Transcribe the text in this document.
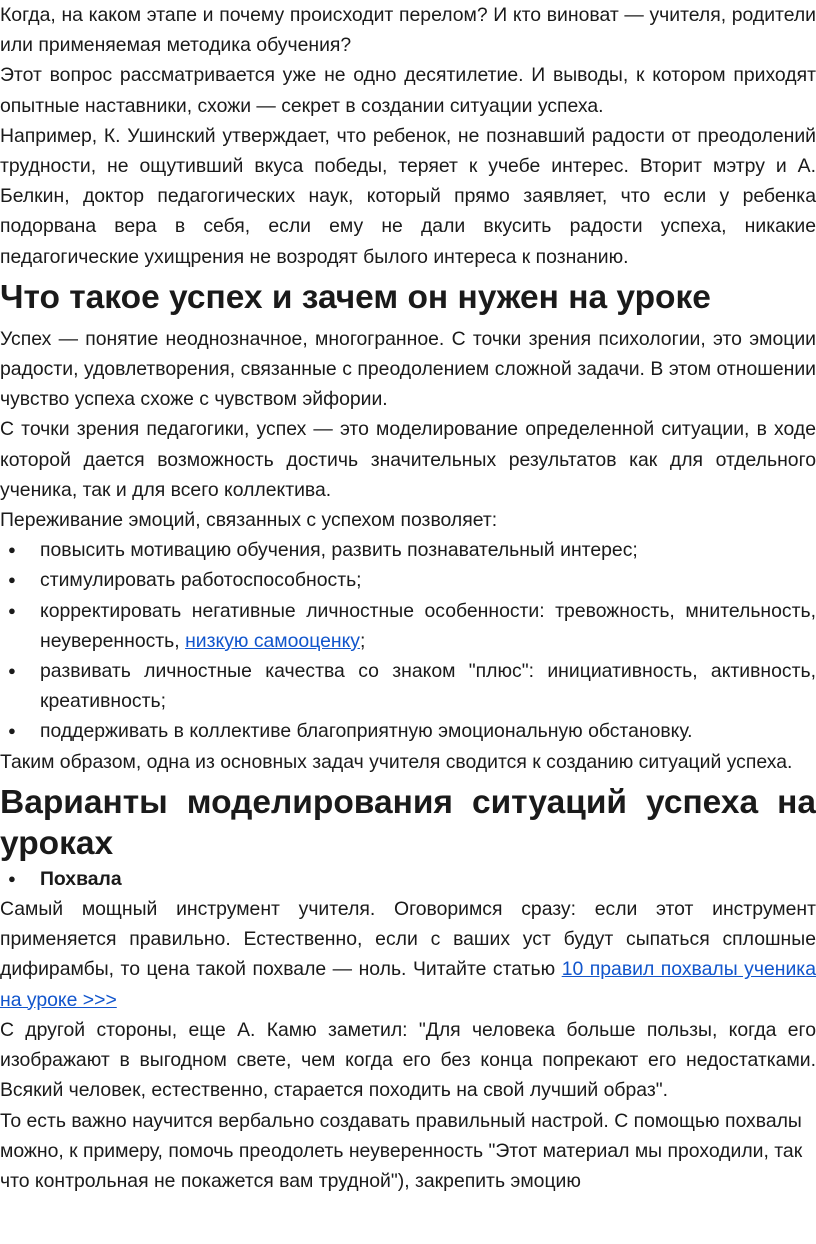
Когда, на каком этапе и почему происходит перелом? И кто виноват — учителя, родители или применяемая методика обучения?

Этот вопрос рассматривается уже не одно десятилетие. И выводы, к котором приходят опытные наставники, схожи — секрет в создании ситуации успеха.

Например, К. Ушинский утверждает, что ребенок, не познавший радости от преодолений трудности, не ощутивший вкуса победы, теряет к учебе интерес. Вторит мэтру и А. Белкин, доктор педагогических наук, который прямо заявляет, что если у ребенка подорвана вера в себя, если ему не дали вкусить радости успеха, никакие педагогические ухищрения не возродят былого интереса к познанию.

Что такое успех и зачем он нужен на уроке

Успех — понятие неоднозначное, многогранное. С точки зрения психологии, это эмоции радости, удовлетворения, связанные с преодолением сложной задачи. В этом отношении чувство успеха схоже с чувством эйфории.

С точки зрения педагогики, успех — это моделирование определенной ситуации, в ходе которой дается возможность достичь значительных результатов как для отдельного ученика, так и для всего коллектива.

Переживание эмоций, связанных с успехом позволяет:

● повысить мотивацию обучения, развить познавательный интерес;
● стимулировать работоспособность;
● корректировать негативные личностные особенности: тревожность, мнительность, неуверенность, низкую самооценку;
● развивать личностные качества со знаком "плюс": инициативность, активность, креативность;
● поддерживать в коллективе благоприятную эмоциональную обстановку.

Таким образом, одна из основных задач учителя сводится к созданию ситуаций успеха.

Варианты моделирования ситуаций успеха на уроках
● Похвала

Самый мощный инструмент учителя. Оговоримся сразу: если этот инструмент применяется правильно. Естественно, если с ваших уст будут сыпаться сплошные дифирамбы, то цена такой похвале — ноль. Читайте статью 10 правил похвалы ученика на уроке >>>

С другой стороны, еще А. Камю заметил: "Для человека больше пользы, когда его изображают в выгодном свете, чем когда его без конца попрекают его недостатками. Всякий человек, естественно, старается походить на свой лучший образ".

То есть важно научится вербально создавать правильный настрой. С помощью похвалы можно, к примеру, помочь преодолеть неуверенность "Этот материал мы проходили, так что контрольная не покажется вам трудной"), закрепить эмоцию
